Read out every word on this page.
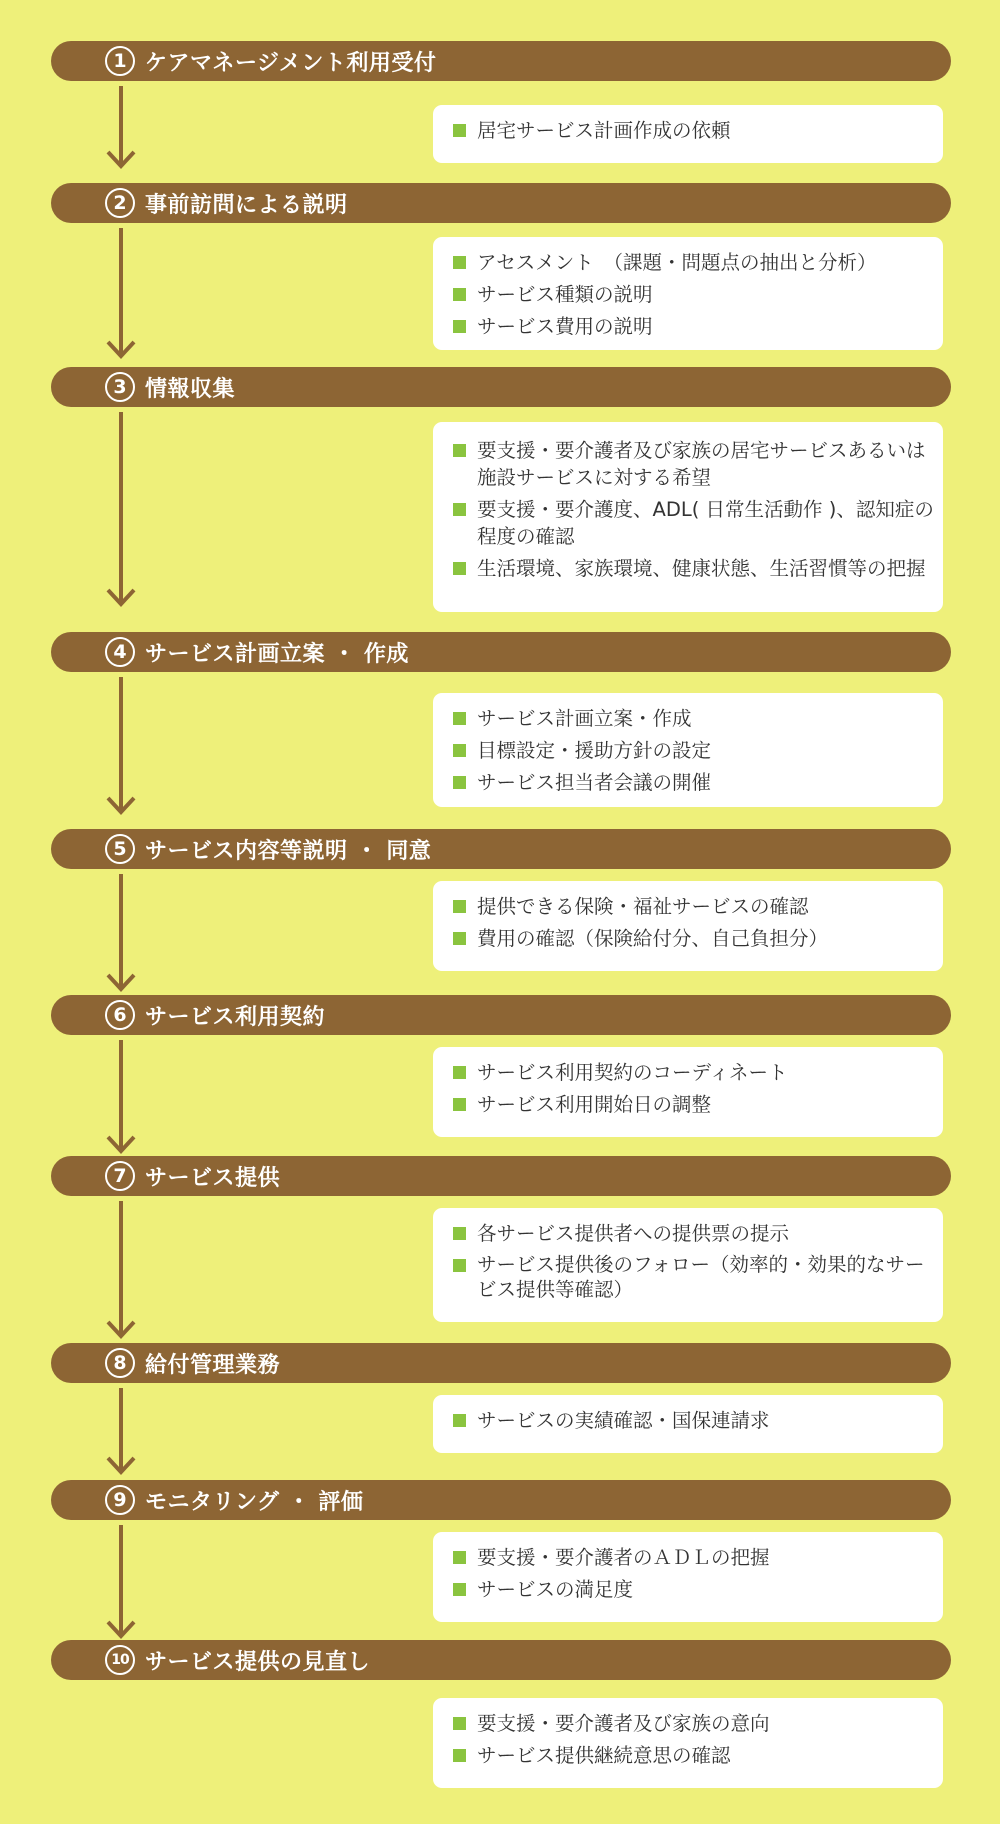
1 ケアマネージメント利用受付
居宅サービス計画作成の依頼
2 事前訪問による説明
アセスメント　（課題・問題点の抽出と分析）
サービス種類の説明
サービス費用の説明
3 情報収集
要支援・要介護者及び家族の居宅サービスあるいは施設サービスに対する希望
要支援・要介護度、ADL( 日常生活動作 )、認知症の程度の確認
生活環境、家族環境、健康状態、生活習慣等の把握
4 サービス計画立案 ・ 作成
サービス計画立案・作成
目標設定・援助方針の設定
サービス担当者会議の開催
5 サービス内容等説明 ・ 同意
提供できる保険・福祉サービスの確認
費用の確認（保険給付分、自己負担分）
6 サービス利用契約
サービス利用契約のコーディネート
サービス利用開始日の調整
7 サービス提供
各サービス提供者への提供票の提示
サービス提供後のフォロー（効率的・効果的なサービス提供等確認）
8 給付管理業務
サービスの実績確認・国保連請求
9 モニタリング ・ 評価
要支援・要介護者のＡＤＬの把握
サービスの満足度
10 サービス提供の見直し
要支援・要介護者及び家族の意向
サービス提供継続意思の確認
